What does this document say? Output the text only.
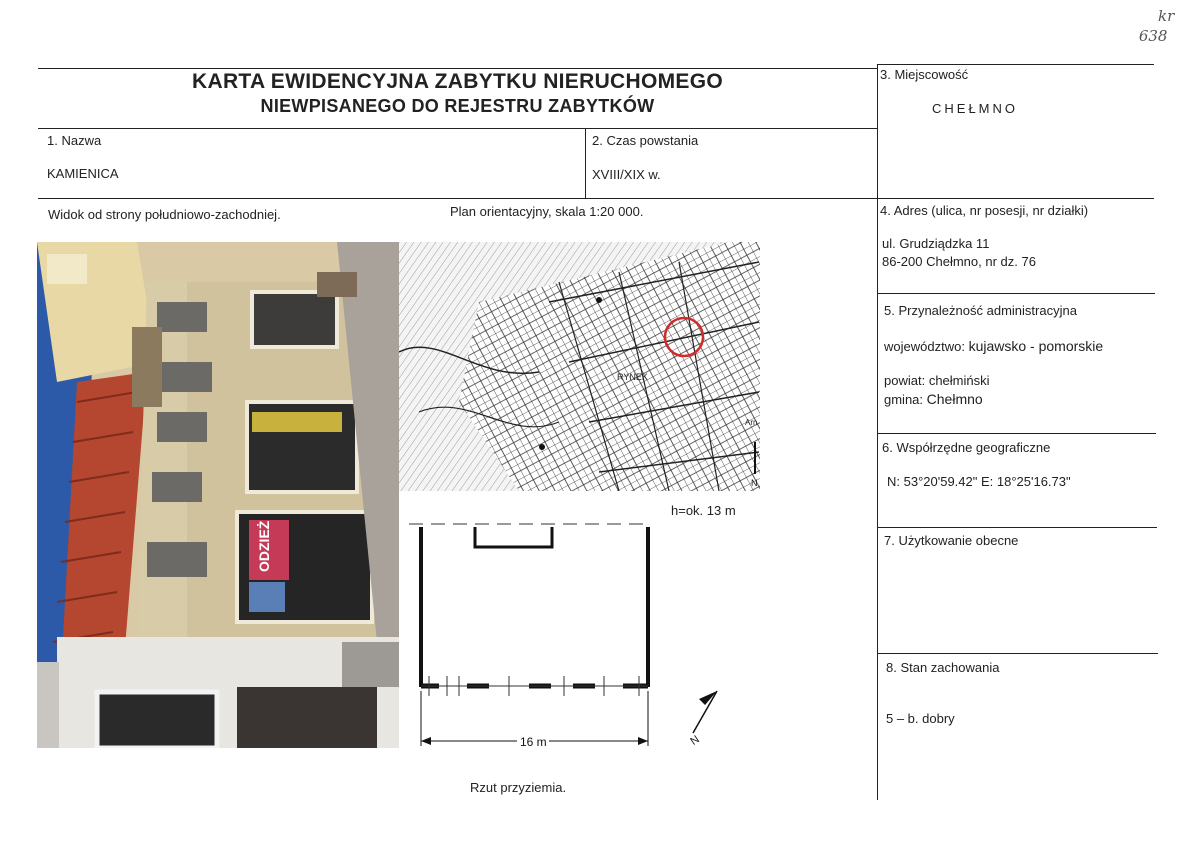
kr
638
KARTA EWIDENCYJNA ZABYTKU NIERUCHOMEGO
NIEWPISANEGO DO REJESTRU ZABYTKÓW
1. Nazwa
KAMIENICA
2. Czas powstania
XVIII/XIX w.
3. Miejscowość
CHEŁMNO
4. Adres (ulica, nr posesji, nr działki)
ul. Grudziądzka 11
86-200 Chełmno, nr dz. 76
5. Przynależność administracyjna
województwo: kujawsko - pomorskie
powiat: chełmiński
gmina: Chełmno
6. Współrzędne geograficzne
N: 53°20'59.42" E: 18°25'16.73"
7. Użytkowanie obecne
8. Stan zachowania
5 – b. dobry
Widok od strony południowo-zachodniej.	Plan orientacyjny, skala 1:20 000.
Rzut przyziemia.
ODZIEŻ
RYNEK
Arn
N
h=ok. 13 m
16 m	N
